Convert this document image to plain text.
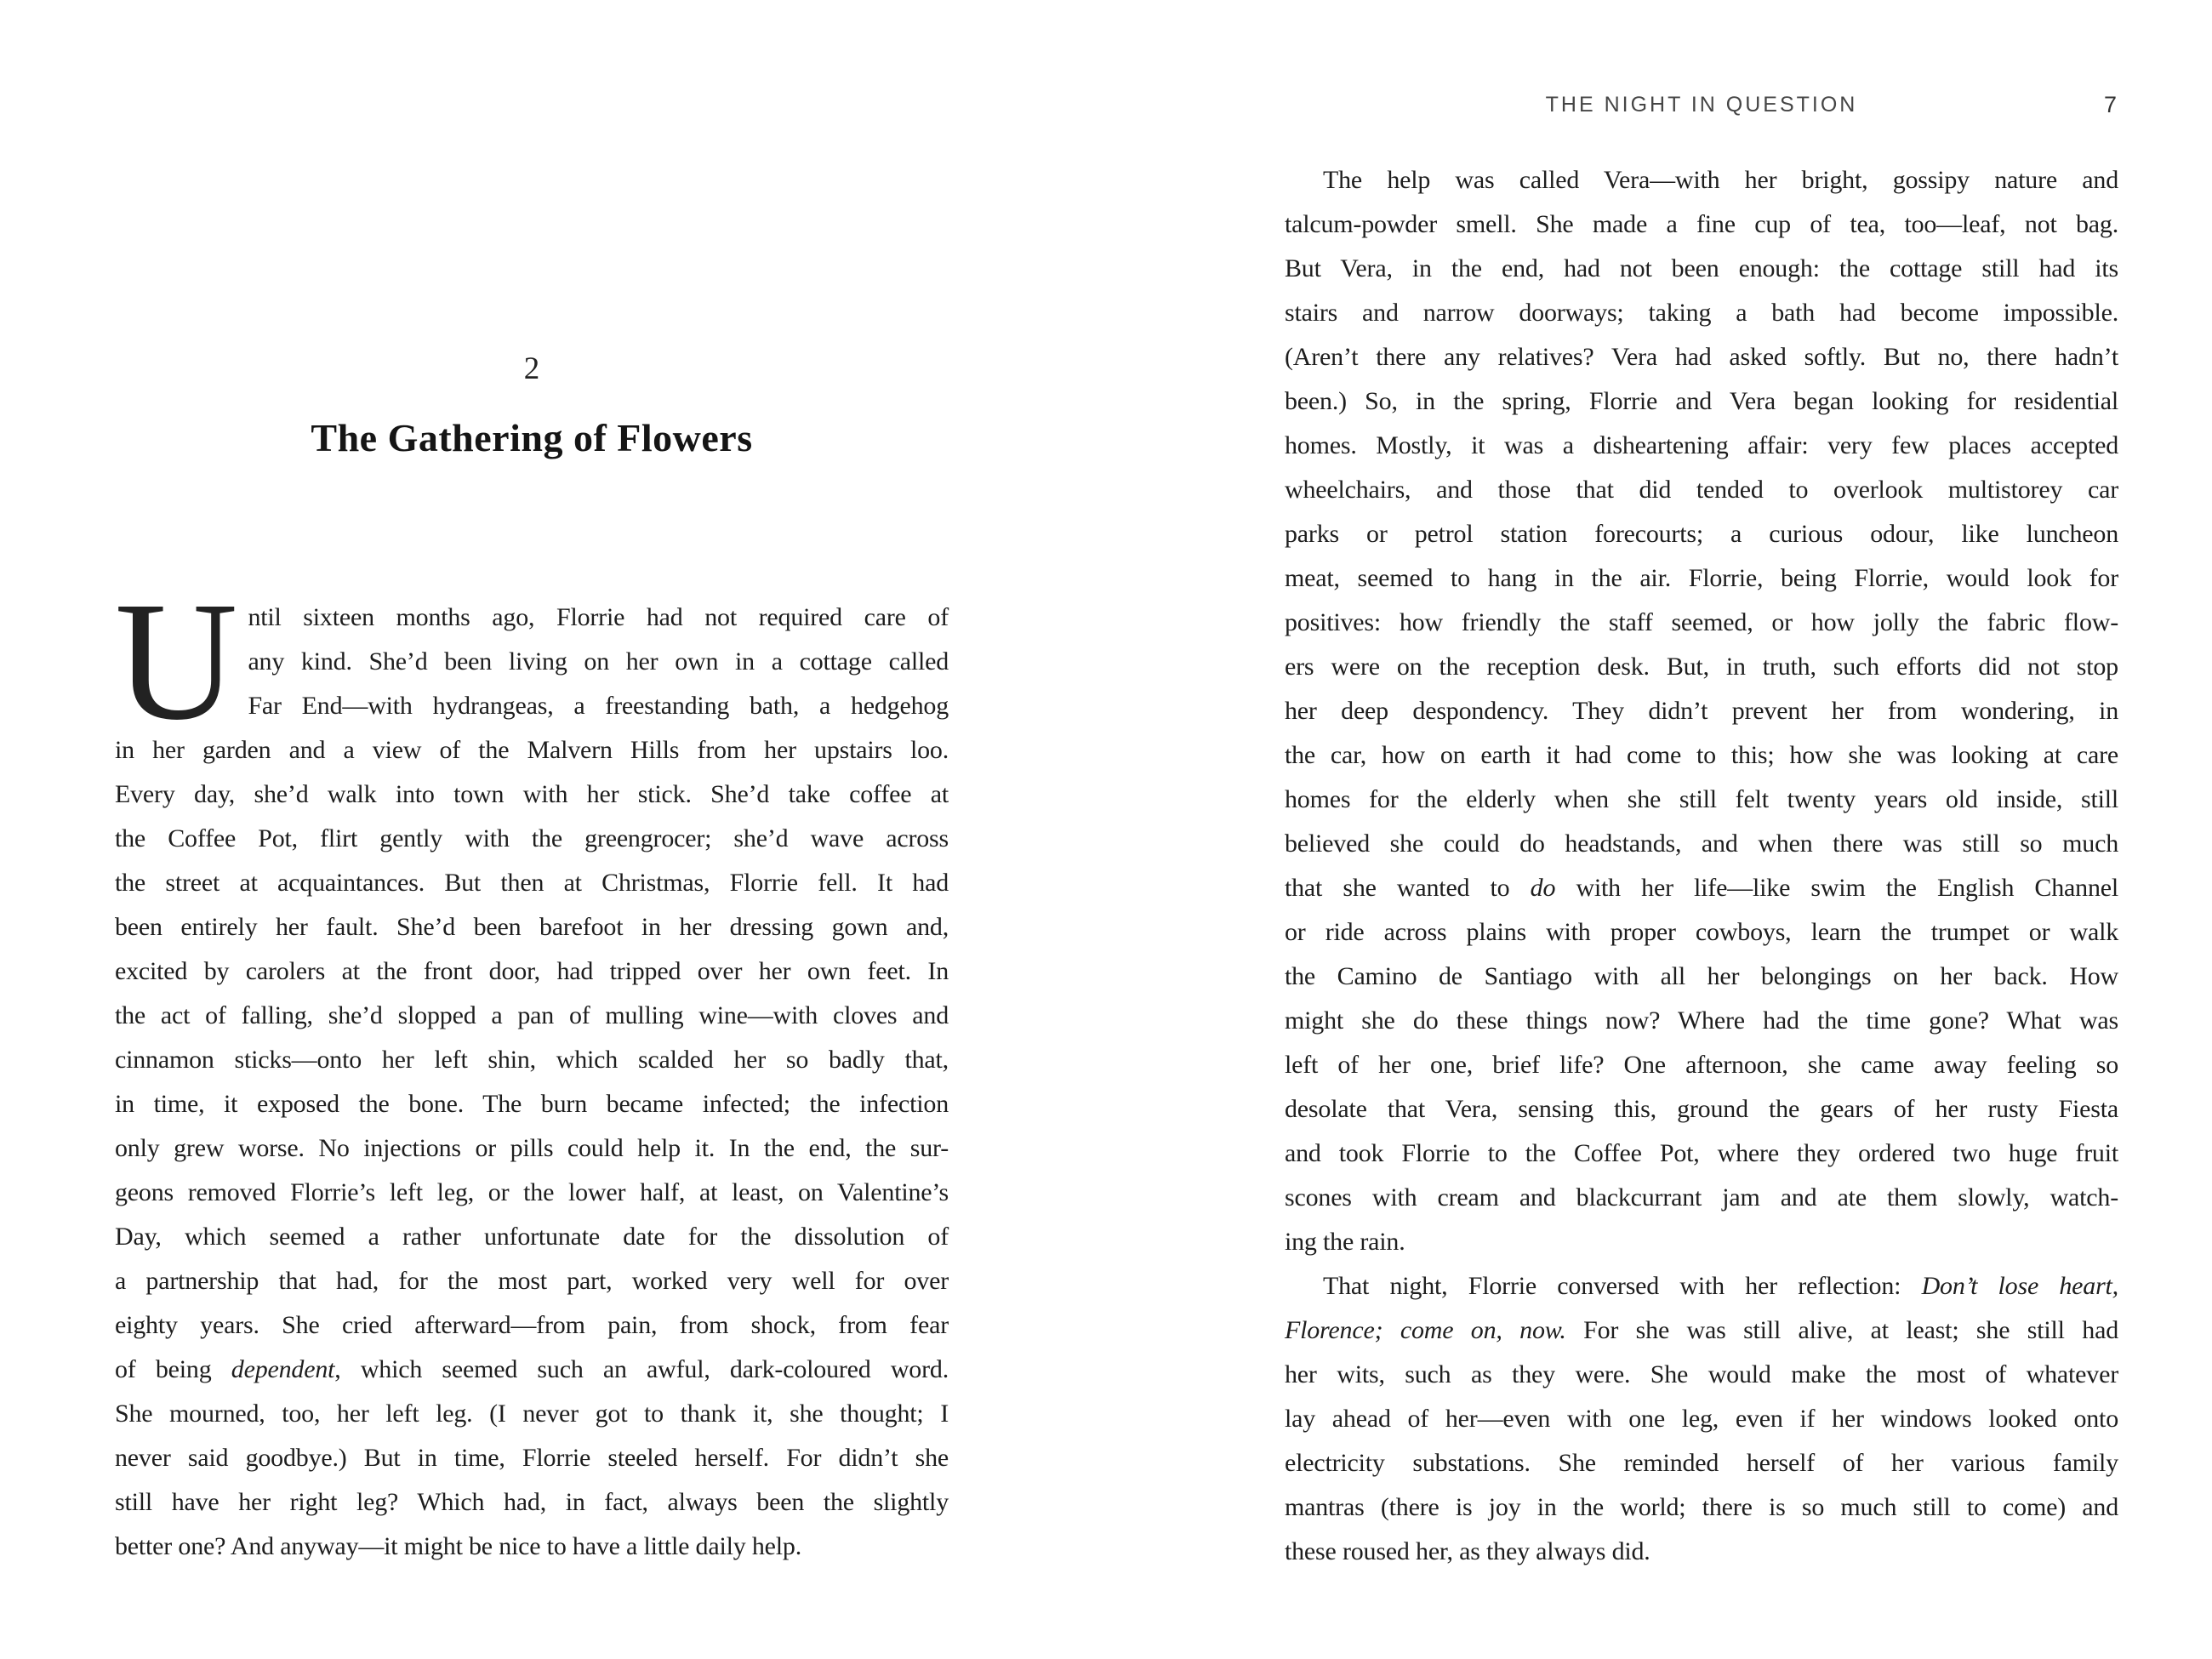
2
The Gathering of Flowers
U ntil sixteen months ago, Florrie had not required care of
any kind. She’d been living on her own in a cottage called
Far End—with hydrangeas, a freestanding bath, a hedgehog
in her garden and a view of the Malvern Hills from her upstairs loo.
Every day, she’d walk into town with her stick. She’d take coffee at
the Coffee Pot, flirt gently with the greengrocer; she’d wave across
the street at acquaintances. But then at Christmas, Florrie fell. It had
been entirely her fault. She’d been barefoot in her dressing gown and,
excited by carolers at the front door, had tripped over her own feet. In
the act of falling, she’d slopped a pan of mulling wine—with cloves and
cinnamon sticks—onto her left shin, which scalded her so badly that,
in time, it exposed the bone. The burn became infected; the infection
only grew worse. No injections or pills could help it. In the end, the sur-
geons removed Florrie’s left leg, or the lower half, at least, on Valentine’s
Day, which seemed a rather unfortunate date for the dissolution of
a partnership that had, for the most part, worked very well for over
eighty years. She cried afterward—from pain, from shock, from fear
of being dependent, which seemed such an awful, dark-coloured word.
She mourned, too, her left leg. (I never got to thank it, she thought; I
never said goodbye.) But in time, Florrie steeled herself. For didn’t she
still have her right leg? Which had, in fact, always been the slightly
better one? And anyway—it might be nice to have a little daily help.
THE NIGHT IN QUESTION	7
The help was called Vera—with her bright, gossipy nature and
talcum-powder smell. She made a fine cup of tea, too—leaf, not bag.
But Vera, in the end, had not been enough: the cottage still had its
stairs and narrow doorways; taking a bath had become impossible.
(Aren’t there any relatives? Vera had asked softly. But no, there hadn’t
been.) So, in the spring, Florrie and Vera began looking for residential
homes. Mostly, it was a disheartening affair: very few places accepted
wheelchairs, and those that did tended to overlook multistorey car
parks or petrol station forecourts; a curious odour, like luncheon
meat, seemed to hang in the air. Florrie, being Florrie, would look for
positives: how friendly the staff seemed, or how jolly the fabric flow-
ers were on the reception desk. But, in truth, such efforts did not stop
her deep despondency. They didn’t prevent her from wondering, in
the car, how on earth it had come to this; how she was looking at care
homes for the elderly when she still felt twenty years old inside, still
believed she could do headstands, and when there was still so much
that she wanted to do with her life—like swim the English Channel
or ride across plains with proper cowboys, learn the trumpet or walk
the Camino de Santiago with all her belongings on her back. How
might she do these things now? Where had the time gone? What was
left of her one, brief life? One afternoon, she came away feeling so
desolate that Vera, sensing this, ground the gears of her rusty Fiesta
and took Florrie to the Coffee Pot, where they ordered two huge fruit
scones with cream and blackcurrant jam and ate them slowly, watch-
ing the rain.
That night, Florrie conversed with her reflection: Don’t lose heart,
Florence; come on, now. For she was still alive, at least; she still had
her wits, such as they were. She would make the most of whatever
lay ahead of her—even with one leg, even if her windows looked onto
electricity substations. She reminded herself of her various family
mantras (there is joy in the world; there is so much still to come) and
these roused her, as they always did.
